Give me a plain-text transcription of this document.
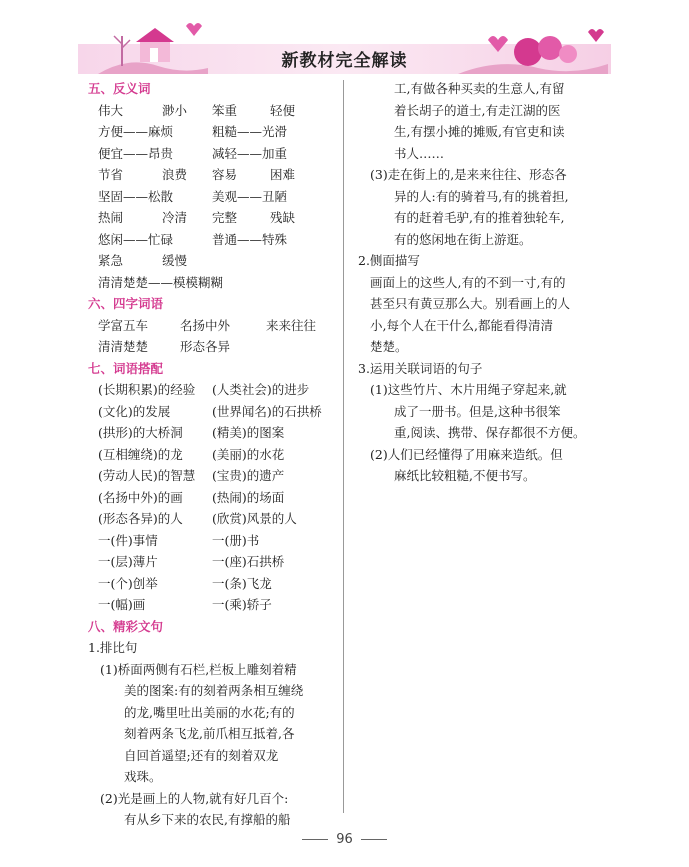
新教材完全解读
五、反义词
伟大	渺小 笨重	轻便
方便——麻烦	粗糙——光滑
便宜——昂贵	减轻——加重
节省	浪费 容易	困难
坚固——松散	美观——丑陋
热闹	冷清 完整	残缺
悠闲——忙碌	普通——特殊
紧急	缓慢
清清楚楚——模模糊糊
六、四字词语
学富五车	名扬中外	来来往往
清清楚楚	形态各异
七、词语搭配
(长期积累)的经验 (人类社会)的进步
(文化)的发展	(世界闻名)的石拱桥
(拱形)的大桥洞 (精美)的图案
(互相缠绕)的龙 (美丽)的水花
(劳动人民)的智慧 (宝贵)的遗产
(名扬中外)的画 (热闹)的场面
(形态各异)的人 (欣赏)风景的人
一(件)事情	一(册)书
一(层)薄片	一(座)石拱桥
一(个)创举	一(条)飞龙
一(幅)画	一(乘)轿子
八、精彩文句
1.排比句
(1)桥面两侧有石栏,栏板上雕刻着精
美的图案:有的刻着两条相互缠绕
的龙,嘴里吐出美丽的水花;有的
刻着两条飞龙,前爪相互抵着,各
自回首遥望;还有的刻着双龙
戏珠。
(2)光是画上的人物,就有好几百个:
有从乡下来的农民,有撑船的船
工,有做各种买卖的生意人,有留
着长胡子的道士,有走江湖的医
生,有摆小摊的摊贩,有官吏和读
书人……
(3)走在街上的,是来来往往、形态各
异的人:有的骑着马,有的挑着担,
有的赶着毛驴,有的推着独轮车,
有的悠闲地在街上游逛。
2.侧面描写
画面上的这些人,有的不到一寸,有的
甚至只有黄豆那么大。别看画上的人
小,每个人在干什么,都能看得清清
楚楚。
3.运用关联词语的句子
(1)这些竹片、木片用绳子穿起来,就
成了一册书。但是,这种书很笨
重,阅读、携带、保存都很不方便。
(2)人们已经懂得了用麻来造纸。但
麻纸比较粗糙,不便书写。
96
